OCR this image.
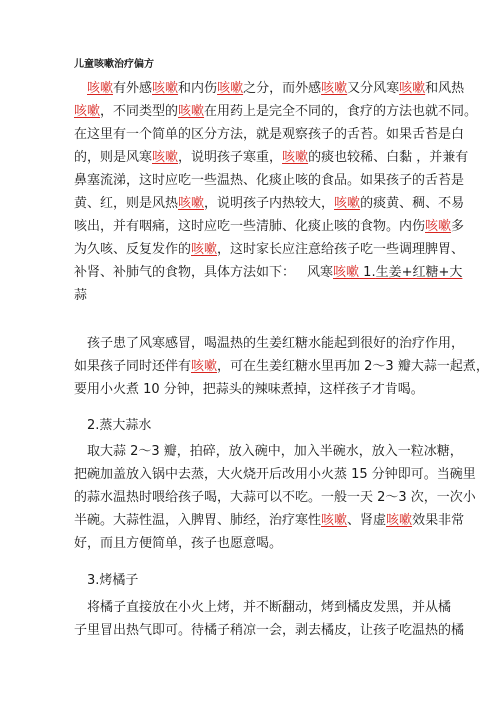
儿童咳嗽治疗偏方
咳嗽有外感咳嗽和内伤咳嗽之分，而外感咳嗽又分风寒咳嗽和风热
咳嗽，不同类型的咳嗽在用药上是完全不同的，食疗的方法也就不同。
在这里有一个简单的区分方法，就是观察孩子的舌苔。如果舌苔是白
的，则是风寒咳嗽，说明孩子寒重，咳嗽的痰也较稀、白黏 ，并兼有
鼻塞流涕，这时应吃一些温热、化痰止咳的食品。如果孩子的舌苔是
黄、红，则是风热咳嗽，说明孩子内热较大，咳嗽的痰黄、稠、不易
咳出，并有咽痛，这时应吃一些清肺、化痰止咳的食物。内伤咳嗽多
为久咳、反复发作的咳嗽，这时家长应注意给孩子吃一些调理脾胃、
补肾、补肺气的食物，具体方法如下： 风寒咳嗽 1.生姜+红糖+大
蒜
孩子患了风寒感冒，喝温热的生姜红糖水能起到很好的治疗作用，
如果孩子同时还伴有咳嗽，可在生姜红糖水里再加 2～3 瓣大蒜一起煮，
要用小火煮 10 分钟，把蒜头的辣味煮掉，这样孩子才肯喝。
2.蒸大蒜水
取大蒜 2～3 瓣，拍碎，放入碗中，加入半碗水，放入一粒冰糖，
把碗加盖放入锅中去蒸，大火烧开后改用小火蒸 15 分钟即可。当碗里
的蒜水温热时喂给孩子喝，大蒜可以不吃。一般一天 2～3 次，一次小
半碗。大蒜性温，入脾胃、肺经，治疗寒性咳嗽、肾虚咳嗽效果非常
好，而且方便简单，孩子也愿意喝。
3.烤橘子
将橘子直接放在小火上烤，并不断翻动，烤到橘皮发黑，并从橘
子里冒出热气即可。待橘子稍凉一会，剥去橘皮，让孩子吃温热的橘
